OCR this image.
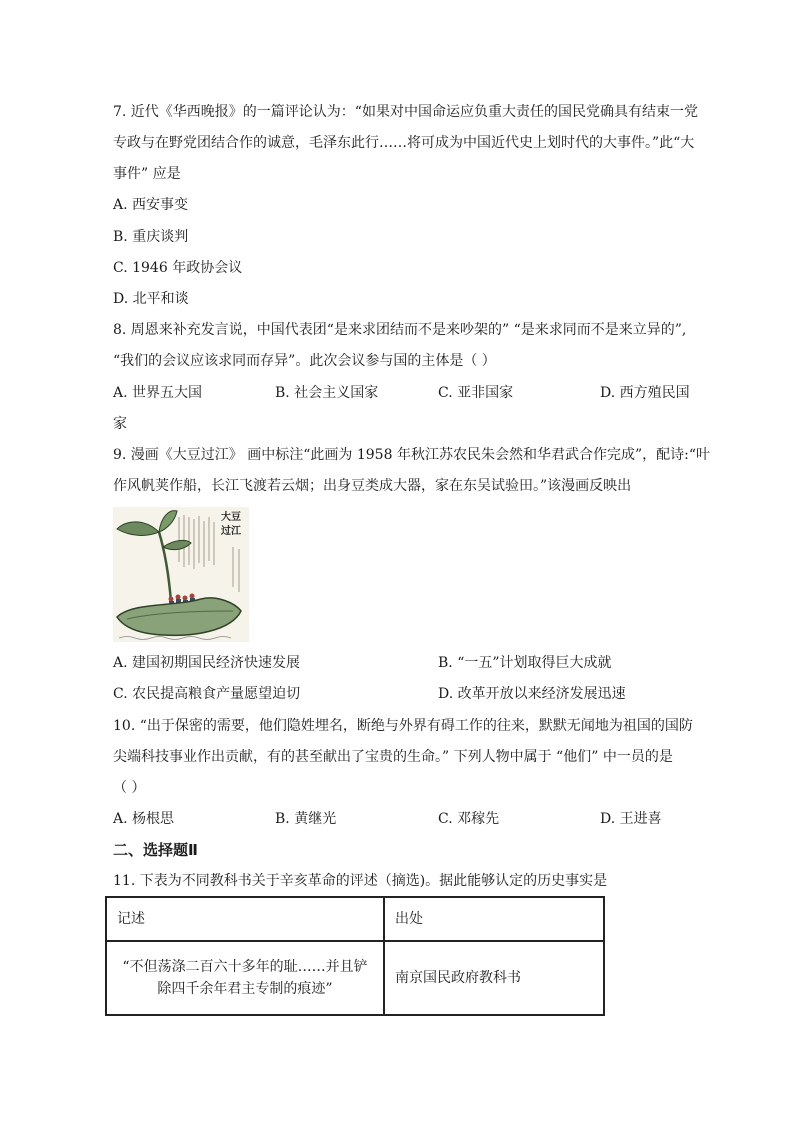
7. 近代《华西晚报》的一篇评论认为：“如果对中国命运应负重大责任的国民党确具有结束一党
专政与在野党团结合作的诚意，毛泽东此行……将可成为中国近代史上划时代的大事件。”此“大
事件” 应是
A. 西安事变
B. 重庆谈判
C. 1946 年政协会议
D. 北平和谈
8. 周恩来补充发言说，中国代表团“是来求团结而不是来吵架的” “是来求同而不是来立异的”,
“我们的会议应该求同而存异”。此次会议参与国的主体是（ ）
A. 世界五大国	B. 社会主义国家	C. 亚非国家	D. 西方殖民国
家
9. 漫画《大豆过江》 画中标注“此画为 1958 年秋江苏农民朱会然和华君武合作完成”，配诗:“叶
作风帆荚作船，长江飞渡若云烟；出身豆类成大器，家在东吴试验田。”该漫画反映出
大豆
过江
A. 建国初期国民经济快速发展	B. “一五”计划取得巨大成就
C. 农民提高粮食产量愿望迫切	D. 改革开放以来经济发展迅速
10. “出于保密的需要，他们隐姓埋名，断绝与外界有碍工作的往来，默默无闻地为祖国的国防
尖端科技事业作出贡献，有的甚至献出了宝贵的生命。” 下列人物中属于 “他们” 中一员的是
（ ）
A. 杨根思	B. 黄继光	C. 邓稼先	D. 王进喜
二、选择题Ⅱ
11. 下表为不同教科书关于辛亥革命的评述（摘选)。据此能够认定的历史事实是
记述	出处
“不但荡涤二百六十多年的耻……并且铲除四千余年君主专制的痕迹”	南京国民政府教科书
